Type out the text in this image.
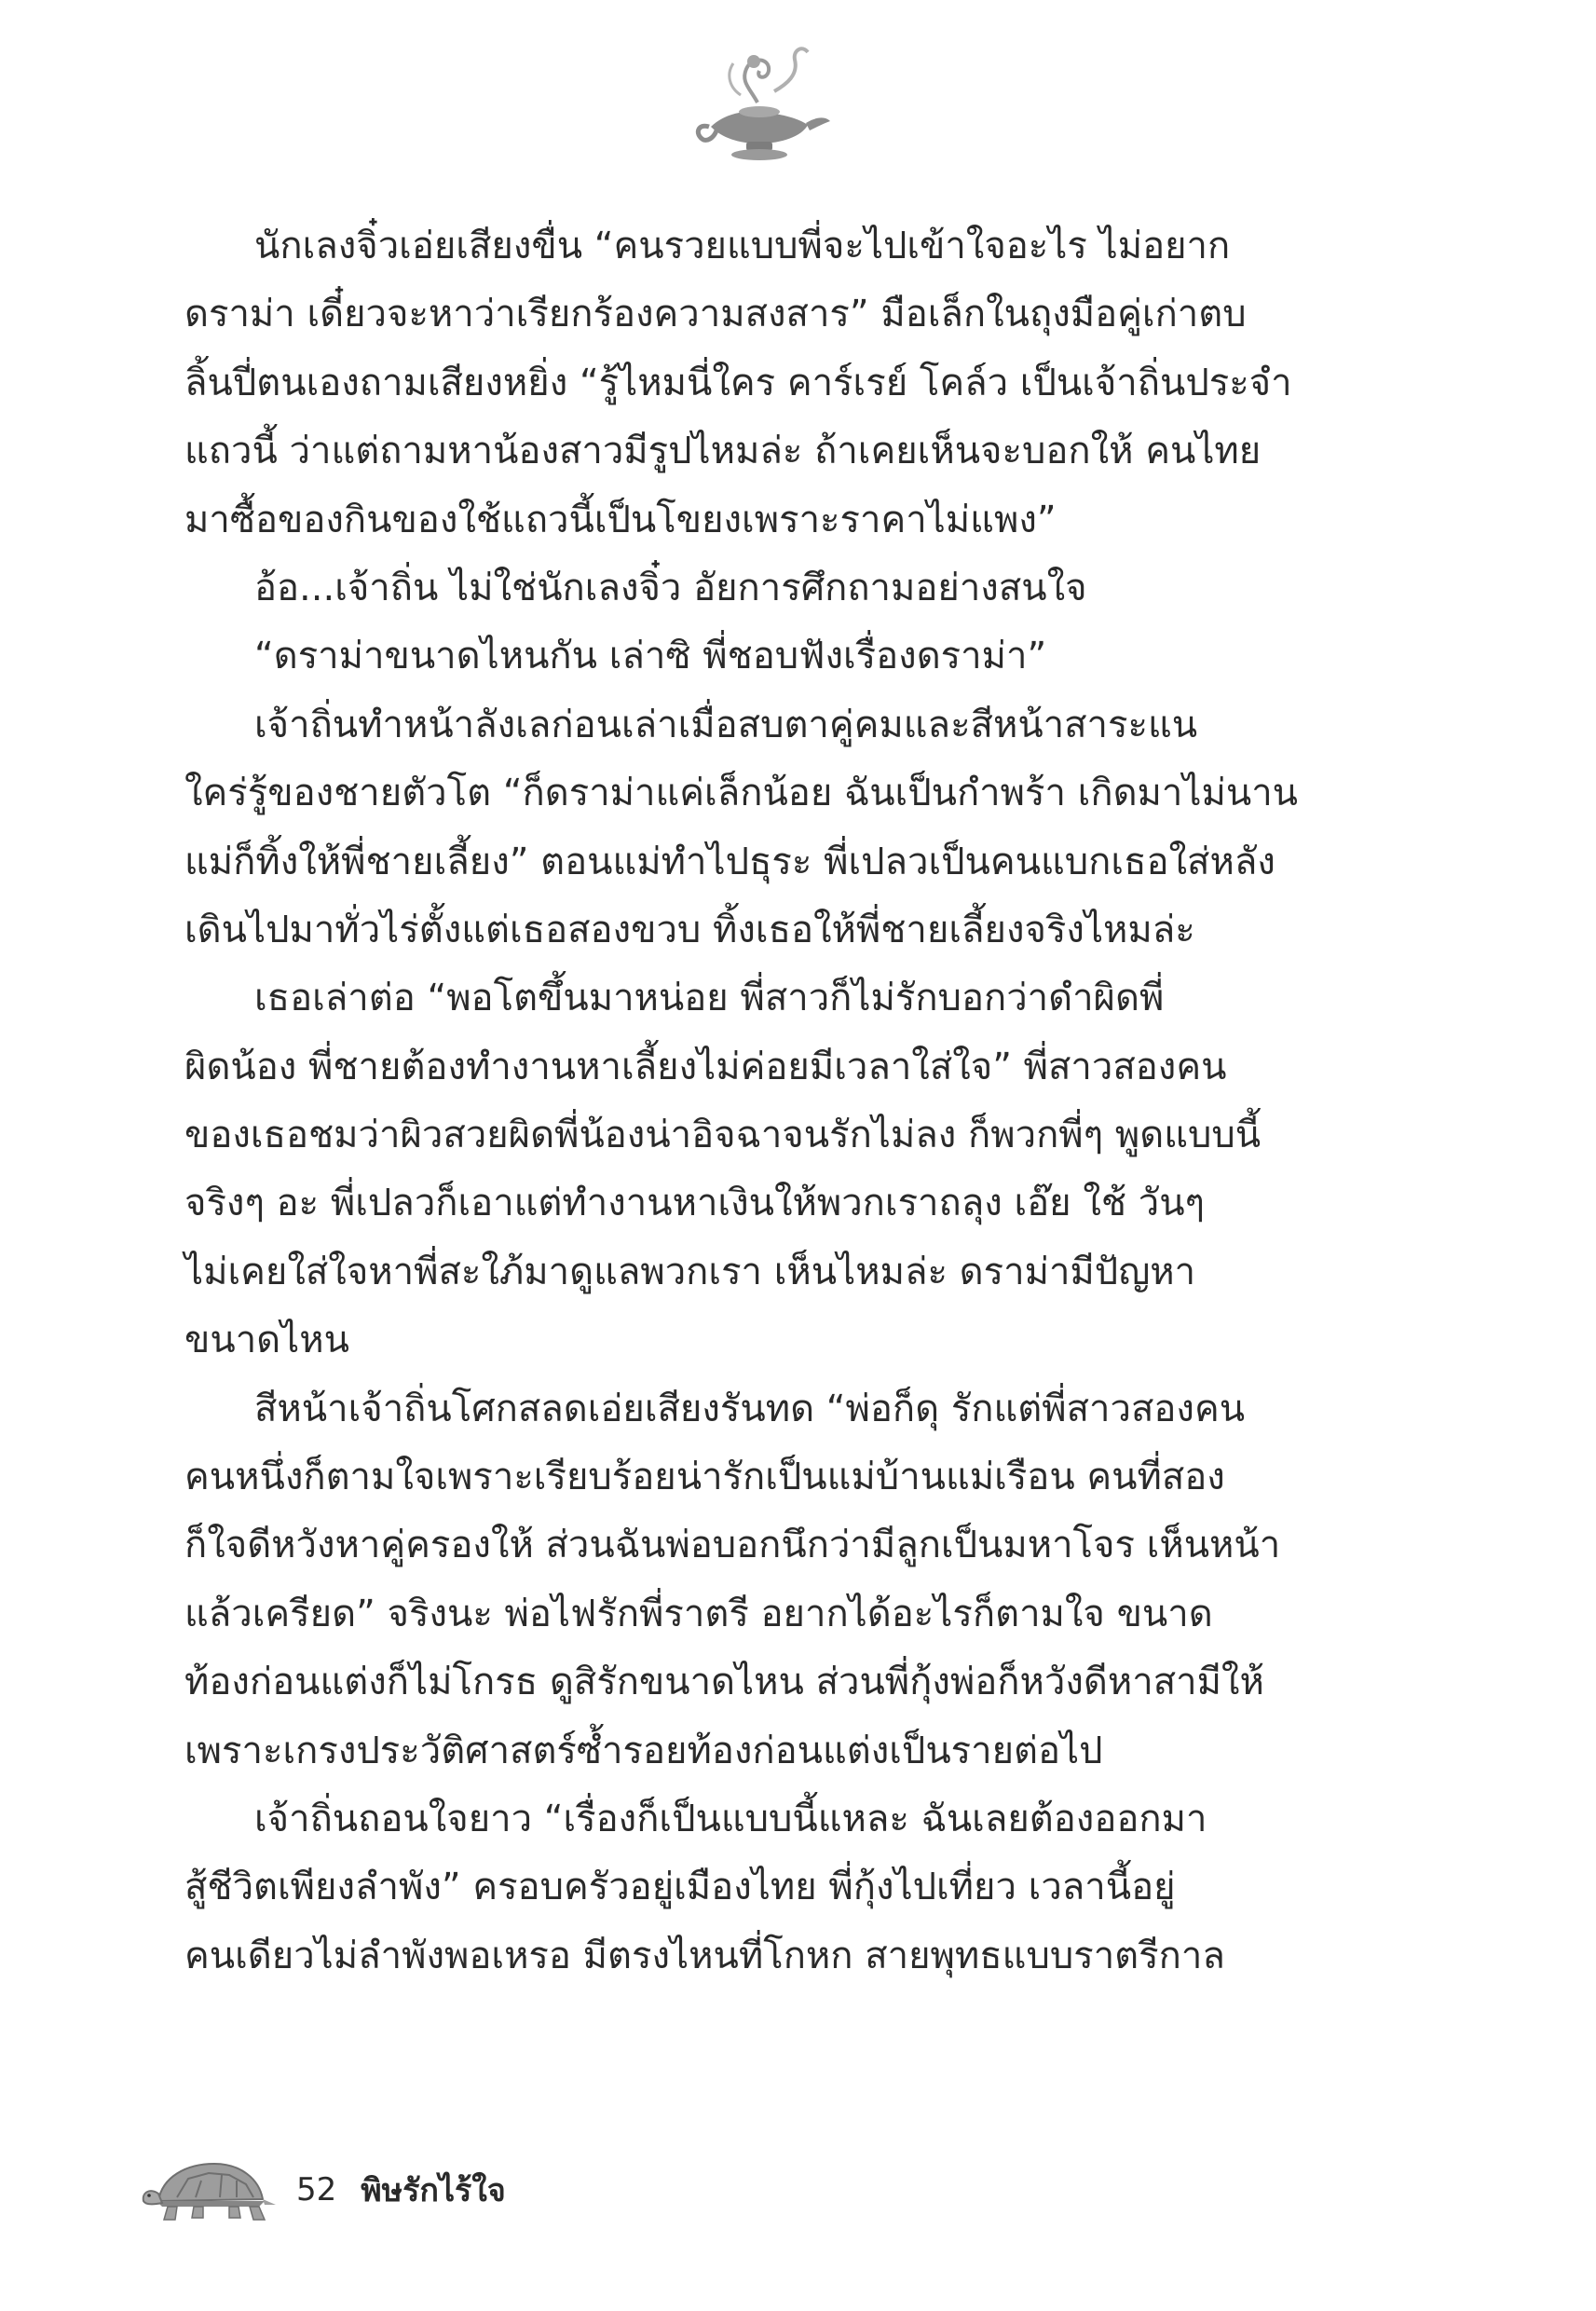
นักเลงจิ๋วเอ่ยเสียงขื่น “คนรวยแบบพี่จะไปเข้าใจอะไร ไม่อยาก
ดราม่า เดี๋ยวจะหาว่าเรียกร้องความสงสาร” มือเล็กในถุงมือคู่เก่าตบ
ลิ้นปี่ตนเองถามเสียงหยิ่ง “รู้ไหมนี่ใคร คาร์เรย์ โคล์ว เป็นเจ้าถิ่นประจำ
แถวนี้ ว่าแต่ถามหาน้องสาวมีรูปไหมล่ะ ถ้าเคยเห็นจะบอกให้ คนไทย
มาซื้อของกินของใช้แถวนี้เป็นโขยงเพราะราคาไม่แพง”
อ้อ...เจ้าถิ่น ไม่ใช่นักเลงจิ๋ว อัยการศึกถามอย่างสนใจ
“ดราม่าขนาดไหนกัน เล่าซิ พี่ชอบฟังเรื่องดราม่า”
เจ้าถิ่นทำหน้าลังเลก่อนเล่าเมื่อสบตาคู่คมและสีหน้าสาระแน
ใคร่รู้ของชายตัวโต “ก็ดราม่าแค่เล็กน้อย ฉันเป็นกำพร้า เกิดมาไม่นาน
แม่ก็ทิ้งให้พี่ชายเลี้ยง” ตอนแม่ทำไปธุระ พี่เปลวเป็นคนแบกเธอใส่หลัง
เดินไปมาทั่วไร่ตั้งแต่เธอสองขวบ ทิ้งเธอให้พี่ชายเลี้ยงจริงไหมล่ะ
เธอเล่าต่อ “พอโตขึ้นมาหน่อย พี่สาวก็ไม่รักบอกว่าดำผิดพี่
ผิดน้อง พี่ชายต้องทำงานหาเลี้ยงไม่ค่อยมีเวลาใส่ใจ” พี่สาวสองคน
ของเธอชมว่าผิวสวยผิดพี่น้องน่าอิจฉาจนรักไม่ลง ก็พวกพี่ๆ พูดแบบนี้
จริงๆ อะ พี่เปลวก็เอาแต่ทำงานหาเงินให้พวกเราถลุง เอ๊ย ใช้ วันๆ
ไม่เคยใส่ใจหาพี่สะใภ้มาดูแลพวกเรา เห็นไหมล่ะ ดราม่ามีปัญหา
ขนาดไหน
สีหน้าเจ้าถิ่นโศกสลดเอ่ยเสียงรันทด “พ่อก็ดุ รักแต่พี่สาวสองคน
คนหนึ่งก็ตามใจเพราะเรียบร้อยน่ารักเป็นแม่บ้านแม่เรือน คนที่สอง
ก็ใจดีหวังหาคู่ครองให้ ส่วนฉันพ่อบอกนึกว่ามีลูกเป็นมหาโจร เห็นหน้า
แล้วเครียด” จริงนะ พ่อไฟรักพี่ราตรี อยากได้อะไรก็ตามใจ ขนาด
ท้องก่อนแต่งก็ไม่โกรธ ดูสิรักขนาดไหน ส่วนพี่กุ้งพ่อก็หวังดีหาสามีให้
เพราะเกรงประวัติศาสตร์ซ้ำรอยท้องก่อนแต่งเป็นรายต่อไป
เจ้าถิ่นถอนใจยาว “เรื่องก็เป็นแบบนี้แหละ ฉันเลยต้องออกมา
สู้ชีวิตเพียงลำพัง” ครอบครัวอยู่เมืองไทย พี่กุ้งไปเที่ยว เวลานี้อยู่
คนเดียวไม่ลำพังพอเหรอ มีตรงไหนที่โกหก สายพุทธแบบราตรีกาล
52 พิษรักไร้ใจ
